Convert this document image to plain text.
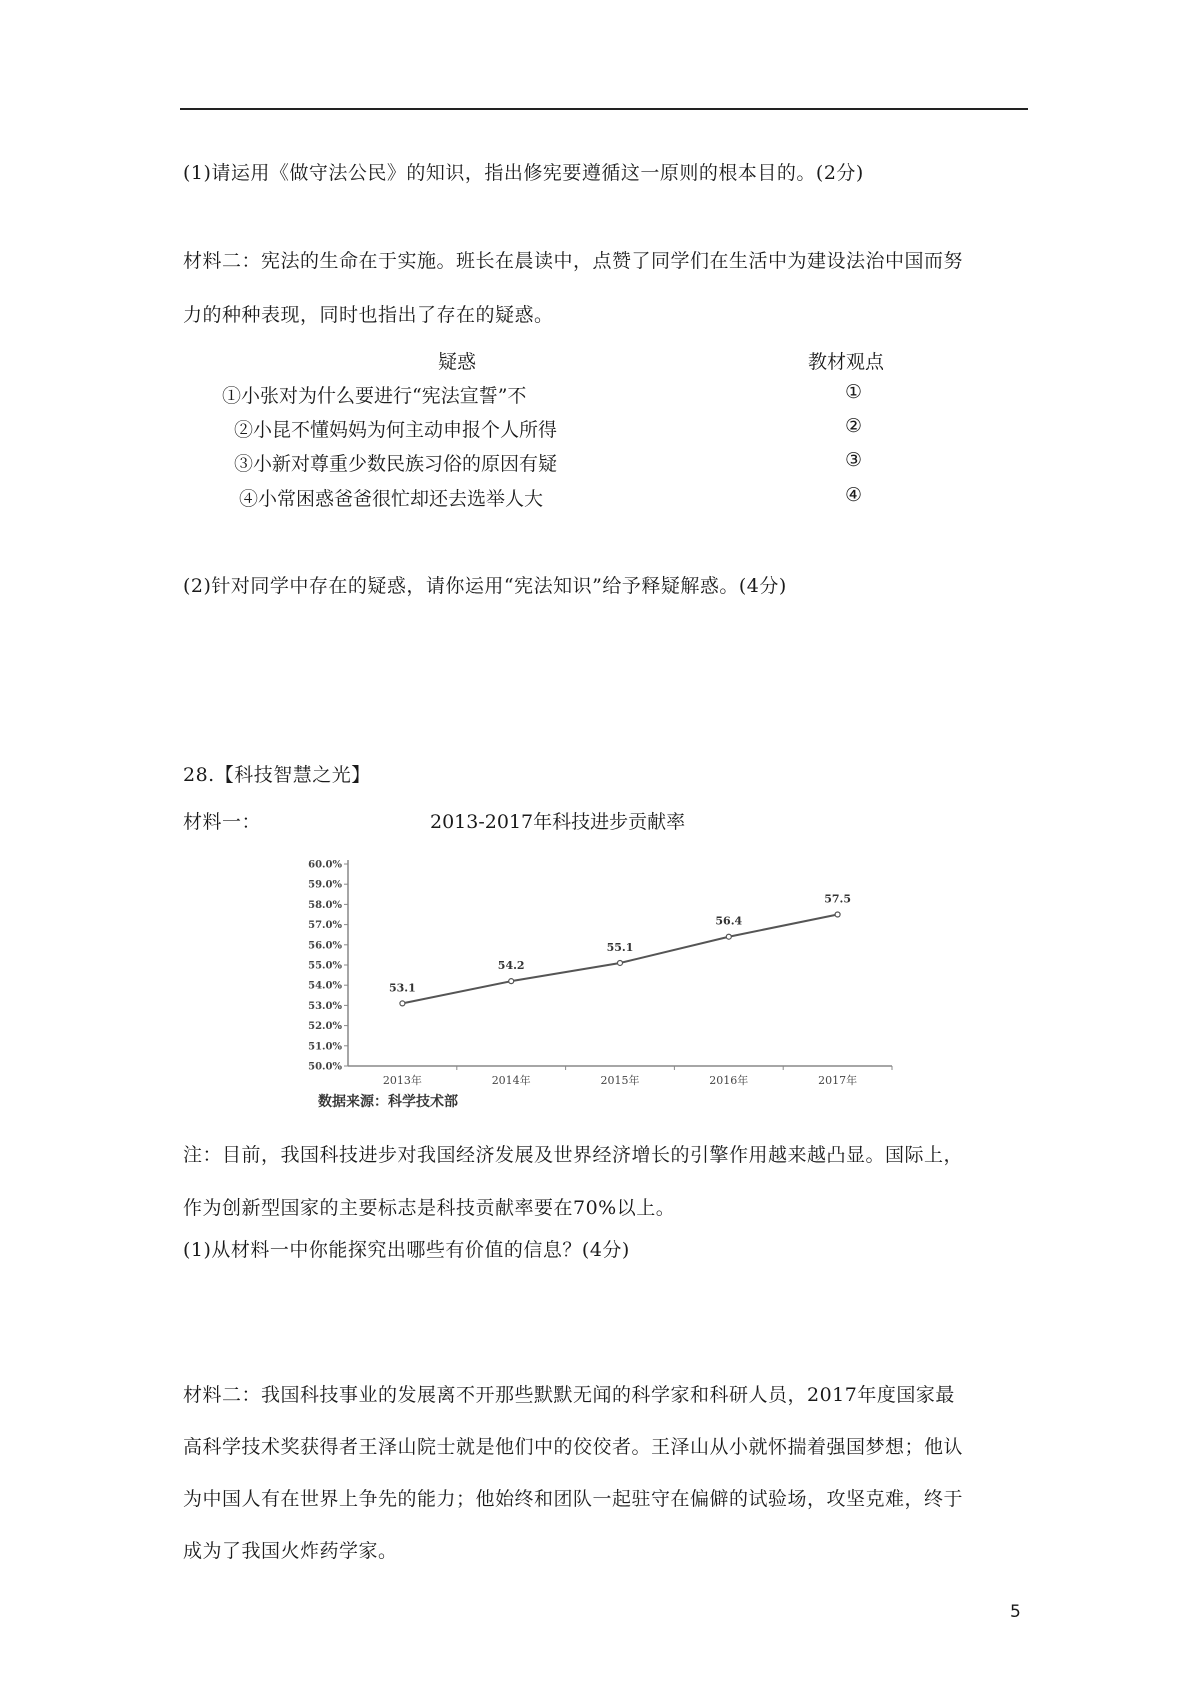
(1)请运用《做守法公民》的知识，指出修宪要遵循这一原则的根本目的。(2分)
材料二：宪法的生命在于实施。班长在晨读中，点赞了同学们在生活中为建设法治中国而努
力的种种表现，同时也指出了存在的疑惑。
疑惑	教材观点
①小张对为什么要进行“宪法宣誓”不	①
②小昆不懂妈妈为何主动申报个人所得	②
③小新对尊重少数民族习俗的原因有疑	③
④小常困惑爸爸很忙却还去选举人大	④
(2)针对同学中存在的疑惑，请你运用“宪法知识”给予释疑解惑。(4分)
28.【科技智慧之光】
材料一：	2013-2017年科技进步贡献率
50.0%
51.0%
52.0%
53.0%
54.0%
55.0%
56.0%
57.0%
58.0%
59.0%
60.0%
2013年	2014年	2015年	2016年	2017年
53.1
54.2
55.1
56.4
57.5
数据来源：科学技术部
注：目前，我国科技进步对我国经济发展及世界经济增长的引擎作用越来越凸显。国际上，
作为创新型国家的主要标志是科技贡献率要在70%以上。
(1)从材料一中你能探究出哪些有价值的信息？(4分)
材料二：我国科技事业的发展离不开那些默默无闻的科学家和科研人员，2017年度国家最
高科学技术奖获得者王泽山院士就是他们中的佼佼者。王泽山从小就怀揣着强国梦想；他认
为中国人有在世界上争先的能力；他始终和团队一起驻守在偏僻的试验场，攻坚克难，终于
成为了我国火炸药学家。
5
